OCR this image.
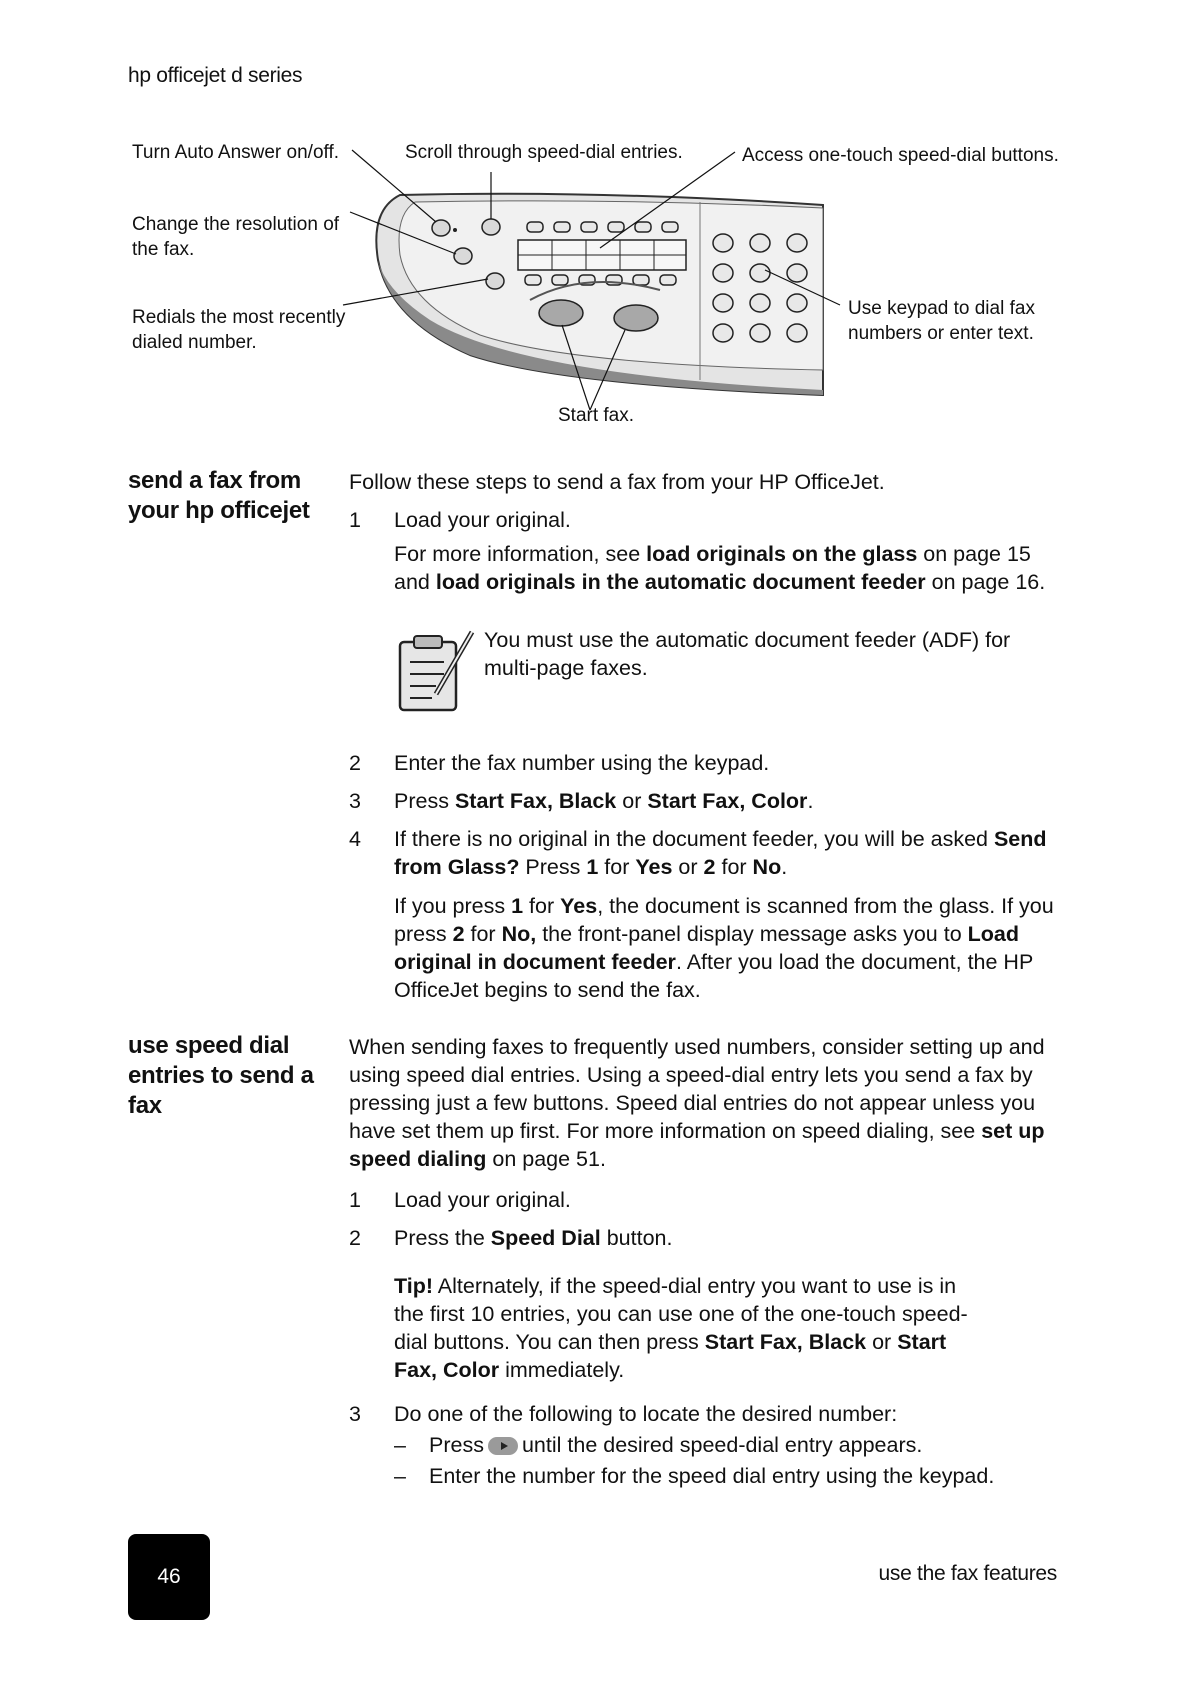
hp officejet d series
Turn Auto Answer on/off.	Scroll through speed-dial entries.	Access one-touch speed-dial buttons.
Change the resolution of
the fax.
Redials the most recently
dialed number.
Use keypad to dial fax
numbers or enter text.
Start fax.
send a fax from
your hp officejet
Follow these steps to send a fax from your HP OfficeJet.
1	Load your original.
For more information, see load originals on the glass on page 15 and load originals in the automatic document feeder on page 16.
You must use the automatic document feeder (ADF) for multi-page faxes.
2	Enter the fax number using the keypad.
3	Press Start Fax, Black or Start Fax, Color.
4	If there is no original in the document feeder, you will be asked Send from Glass? Press 1 for Yes or 2 for No.
If you press 1 for Yes, the document is scanned from the glass. If you press 2 for No, the front-panel display message asks you to Load original in document feeder. After you load the document, the HP OfficeJet begins to send the fax.
use speed dial
entries to send a
fax
When sending faxes to frequently used numbers, consider setting up and using speed dial entries. Using a speed-dial entry lets you send a fax by pressing just a few buttons. Speed dial entries do not appear unless you have set them up first. For more information on speed dialing, see set up speed dialing on page 51.
1	Load your original.
2	Press the Speed Dial button.
Tip! Alternately, if the speed-dial entry you want to use is in the first 10 entries, you can use one of the one-touch speed-dial buttons. You can then press Start Fax, Black or Start Fax, Color immediately.
3	Do one of the following to locate the desired number:
– Press until the desired speed-dial entry appears.
– Enter the number for the speed dial entry using the keypad.
46	use the fax features
